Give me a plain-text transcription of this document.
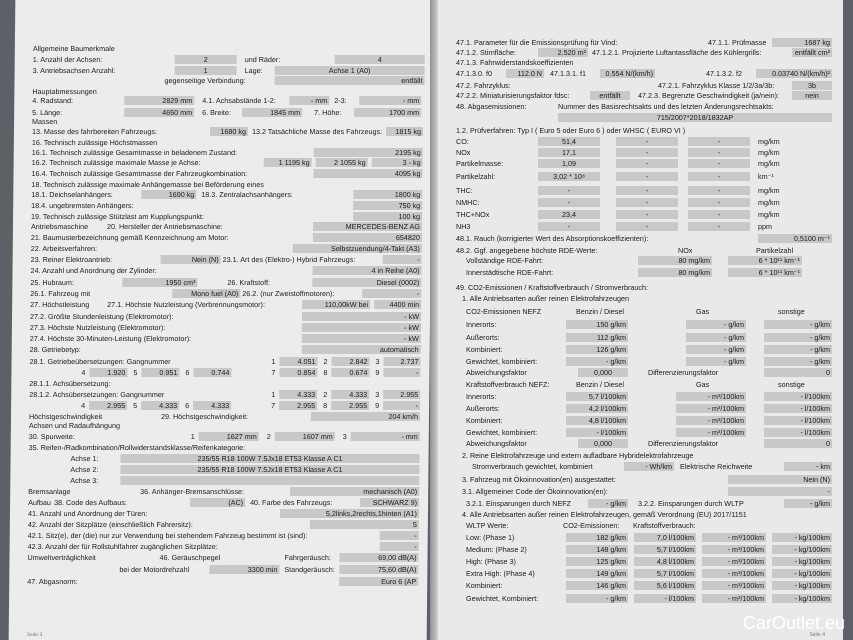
Seite 3
Allgemeine Baumerkmale
1. Anzahl der Achsen:	2	und Räder:	4
3. Antriebsachsen Anzahl:	1	Lage:	Achse 1 (A0)
gegenseitige Verbindung:	entfällt
Hauptabmessungen
4. Radstand:	2829 mm 4.1. Achsabstände 1-2:	- mm 2-3:	- mm
5. Länge:	4650 mm 6. Breite:	1845 mm 7. Höhe:	1700 mm
Massen
13. Masse des fahrbereiten Fahrzeugs:	1680 kg 13.2 Tatsächliche Masse des Fahrzeugs:	1815 kg
16. Technisch zulässige Höchstmassen
16.1. Technisch zulässige Gesamtmasse in beladenem Zustand:	2195 kg
16.2. Technisch zulässige maximale Masse je Achse:	1 1195 kg	2 1055 kg	3 - kg
16.4. Technisch zulässige Gesamtmasse der Fahrzeugkombination:	4095 kg
18. Technisch zulässige maximale Anhängemasse bei Beförderung eines
18.1. Deichselanhängers:	1690 kg 18.3. Zentralachsanhängers:	1800 kg
18.4. ungebremsten Anhängers:	750 kg
19. Technisch zulässige Stützlast am Kupplungspunkt:	100 kg
Antriebsmaschine	20. Hersteller der Antriebsmaschine:	MERCEDES-BENZ AG
21. Baumusterbezeichnung gemäß Kennzeichnung am Motor:	654820
22. Arbeitsverfahren:	Selbstzuendung/4-Takt (A3)
23. Reiner Elektroantrieb:	Nein (N) 23.1. Art des (Elektro-) Hybrid Fahrzeugs:	-
24. Anzahl und Anordnung der Zylinder:	4 in Reihe (A0)
25. Hubraum:	1950 cm³	26. Kraftstoff:	Diesel (0002)
26.1. Fahrzeug mit	Mono fuel (A0) 26.2. (nur Zweistoffmotoren):	-
27. Höchstleistung 27.1. Höchste Nutzleistung (Verbrennungsmotor):	110,00kW bei	4400 min
27.2. Größte Stundenleistung (Elektromotor):	- kW
27.3. Höchste Nutzleistung (Elektromotor):	- kW
27.4. Höchste 30-Minuten-Leistung (Elektromotor):	- kW
28. Getriebetyp:	automatisch
28.1. Getriebeübersetzungen: Gangnummer	1	4.051 2	2.842 3	2.737
4	1.920 5	0.951 6	0.744	7	0.854 8	0.674 9	-
28.1.1. Achsübersetzung:
28.1.2. Achsübersetzungen: Gangnummer	1	4.333 2	4.333 3	2.955
4	2.955 5	4.333 6	4.333	7	2.955 8	2.955 9	-
Höchstgeschwindigkeit	29. Höchstgeschwindigkeit:	204 km/h
Achsen und Radaufhängung
30. Spurweite:	1	1627 mm 2	1607 mm 3	- mm
35. Reifen-/Radkombination/Rollwiderstandsklasse/Reifenkategorie:
Achse 1:	235/55 R18 100W 7.5Jx18 ET53 Klasse A C1
Achse 2:	235/55 R18 100W 7.5Jx18 ET53 Klasse A C1
Achse 3:
Bremsanlage	36. Anhänger-Bremsanschlüsse:	mechanisch (A0)
Aufbau 38. Code des Aufbaus:	(AC) 40. Farbe des Fahrzeugs:	SCHWARZ 9)
41. Anzahl und Anordnung der Türen:	5,2links,2rechts,1hinten (A1)
42. Anzahl der Sitzplätze (einschließlich Fahrersitz):	5
42.1. Sitz(e), der (die) nur zur Verwendung bei stehendem Fahrzeug bestimmt ist (sind):	-
42.3. Anzahl der für Rollstuhlfahrer zugänglichen Sitzplätze:	-
Umweltverträglichkeit	46. Geräuschpegel	Fahrgeräusch:	69,00 dB(A)
bei der Motordrehzahl	3300 min Standgeräusch:	75,60 dB(A)
47. Abgasnorm:	Euro 6 (AP
Seite 4
47.1. Parameter für die Emissionsprüfung für Vind:	47.1.1. Prüfmasse	1687 kg
47.1.2. Stirnfläche:	2.520 m² 47.1.2.1. Projizierte Luftantassfläche des Kühlergrills:	entfällt cm²
47.1.3. Fahrwiderstandskoeffizienten
47.1.3.0. f0	112.0 N 47.1.3.1. f1	0.554 N/(km/h)	47.1.3.2. f2	0.03740 N/(km/h)²
47.2. Fahrzyklus:	47.2.1. Fahrzyklus Klasse 1/2/3a/3b:	3b
47.2.2. Miniaturisierungsfaktor fdsc:	entfällt	47.2.3. Begrenzte Geschwindigkeit (ja/nein):	nein
48. Abgasemissionen:	Nummer des Basisrechtsakts und des letzten Änderungsrechtsakts:
715/2007*2018/1832AP
1.2. Prüfverfahren: Typ I ( Euro 5 oder Euro 6 ) oder WHSC ( EURO VI )
CO:	51,4	-	-	mg/km
NOx	17,1	-	-	mg/km
Partikelmasse:	1,09	-	-	mg/km
Partikelzahl:	3,02 * 10⁸	-	-	km⁻¹
THC:	-	-	-	mg/km
NMHC:	-	-	-	mg/km
THC+NOx	23,4	-	-	mg/km
NH3	-	-	-	ppm
48.1. Rauch (korrigierter Wert des Absorptionskoeffizienten):	0,5100 m⁻¹
48.2. Ggf. angegebene höchste RDE-Werte:	NOx	Partikelzahl
Vollständige RDE-Fahrt:	80 mg/km	6 * 10¹¹ km⁻¹
Innerstädtische RDE-Fahrt:	80 mg/km	6 * 10¹¹ km⁻¹
49. CO2-Emissionen / Kraftstoffverbrauch / Stromverbrauch:
1. Alle Antriebsarten außer reinen Elektrofahrzeugen
CO2-Emissionen NEFZ	Benzin / Diesel	Gas	sonstige
Innerorts:	150 g/km	- g/km	- g/km
Außerorts:	112 g/km	- g/km	- g/km
Kombiniert:	126 g/km	- g/km	- g/km
Gewichtet, kombiniert:	- g/km	- g/km	- g/km
Abweichungsfaktor	0,000	Differenzierungsfaktor	0
Kraftstoffverbrauch NEFZ:	Benzin / Diesel	Gas	sonstige
Innerorts:	5,7 l/100km	- m³/100km	- l/100km
Außerorts:	4,2 l/100km	- m³/100km	- l/100km
Kombiniert:	4,8 l/100km	- m³/100km	- l/100km
Gewichtet, kombiniert:	- l/100km	- m³/100km	- l/100km
Abweichungsfaktor	0,000	Differenzierungsfaktor	0
2. Reine Elektrofahrzeuge und extern aufladbare Hybridelektrofahrzeuge
Stromverbrauch gewichtet, kombiniert	- Wh/km Elektrische Reichweite	- km
3. Fahrzeug mit Ökoinnovation(en) ausgestattet:	Nein (N)
3.1. Allgemeiner Code der Ökoinnovation(en):	-
3.2.1. Einsparungen durch NEFZ	- g/km 3.2.2. Einsparungen durch WLTP	- g/km
4. Alle Antriebsarten außer reinen Elektrofahrzeugen, gemäß Verordnung (EU) 2017/1151
WLTP Werte:	CO2-Emissionen: Kraftstoffverbrauch:
Low: (Phase 1)	182 g/km	7,0 l/100km	- m³/100km	- kg/100km
Medium: (Phase 2)	148 g/km	5,7 l/100km	- m³/100km	- kg/100km
High: (Phase 3)	125 g/km	4,8 l/100km	- m³/100km	- kg/100km
Extra High: (Phase 4)	149 g/km	5,7 l/100km	- m³/100km	- kg/100km
Kombiniert:	146 g/km	5,6 l/100km	- m³/100km	- kg/100km
Gewichtet, Kombiniert:	- g/km	- l/100km	- m³/100km	- kg/100km
CarOutlet.eu
